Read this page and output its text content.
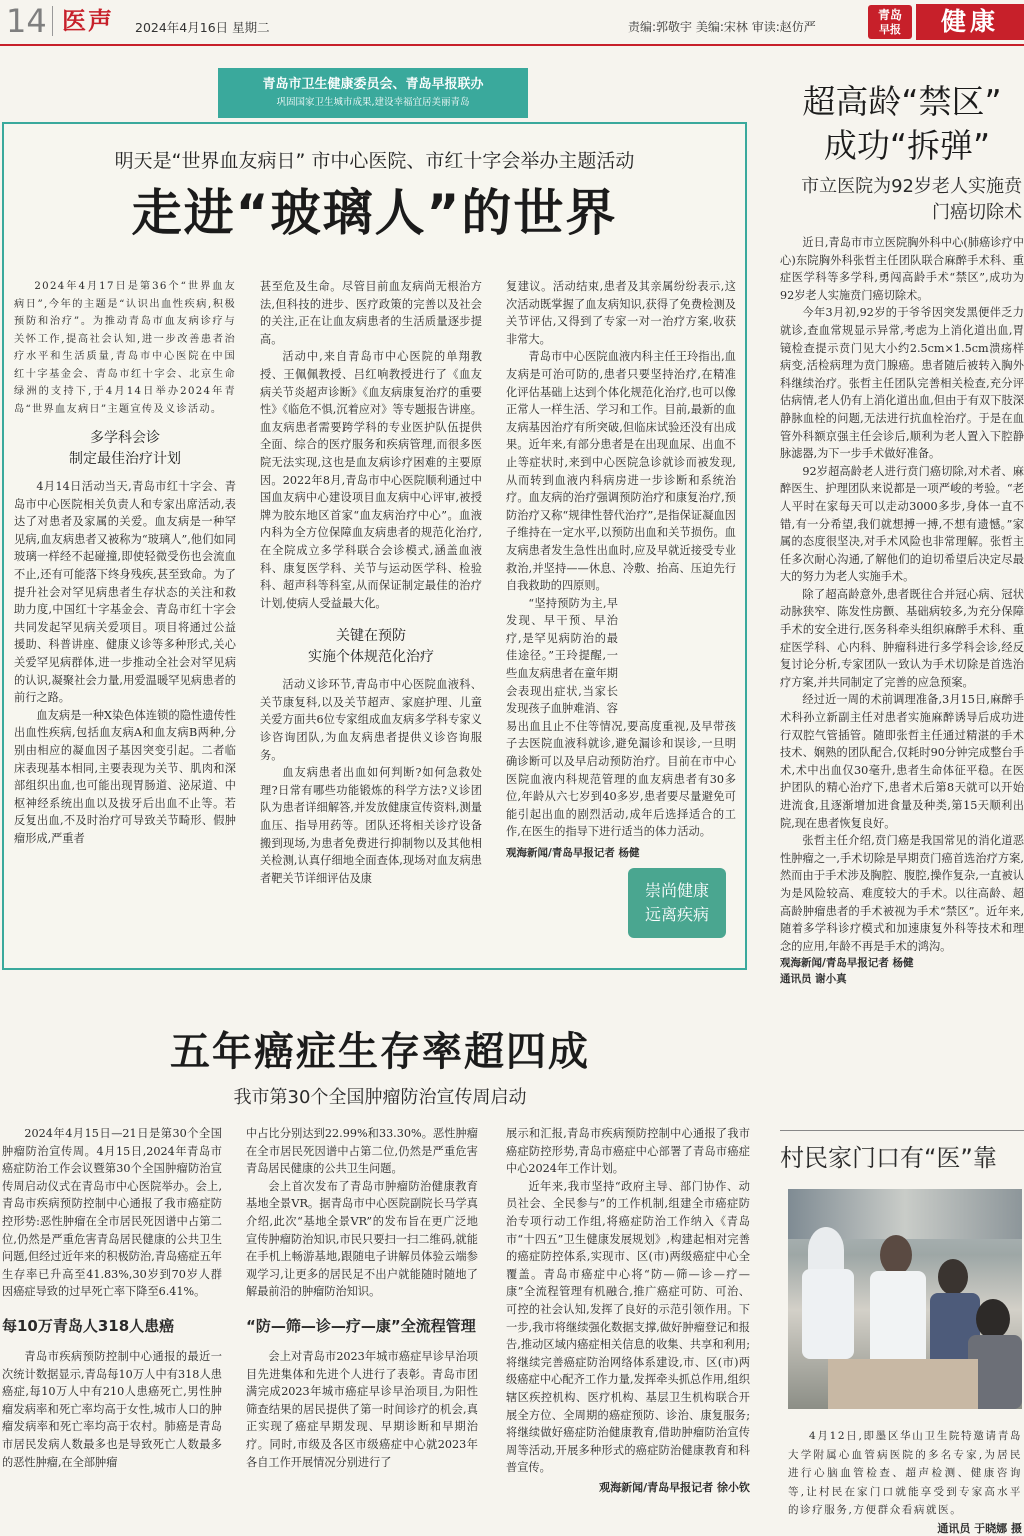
14 医声 2024年4月16日 星期二	责编:郭敬宇 美编:宋林 审读:赵仿严
青岛
早报	健康
青岛市卫生健康委员会、青岛早报联办
巩固国家卫生城市成果,建设幸福宜居美丽青岛
明天是“世界血友病日” 市中心医院、市红十字会举办主题活动
走进“玻璃人”的世界

2024年4月17日是第36个“世界血友病日”,今年的主题是“认识出血性疾病,积极预防和治疗”。为推动青岛市血友病诊疗与关怀工作,提高社会认知,进一步改善患者治疗水平和生活质量,青岛市中心医院在中国红十字基金会、青岛市红十字会、北京生命绿洲的支持下,于4月14日举办2024年青岛“世界血友病日”主题宣传及义诊活动。

多学科会诊
制定最佳治疗计划

4月14日活动当天,青岛市红十字会、青岛市中心医院相关负责人和专家出席活动,表达了对患者及家属的关爱。血友病是一种罕见病,血友病患者又被称为“玻璃人”,他们如同玻璃一样经不起碰撞,即使轻微受伤也会流血不止,还有可能落下终身残疾,甚至致命。为了提升社会对罕见病患者生存状态的关注和救助力度,中国红十字基金会、青岛市红十字会共同发起罕见病关爱项目。项目将通过公益援助、科普讲座、健康义诊等多种形式,关心关爱罕见病群体,进一步推动全社会对罕见病的认识,凝聚社会力量,用爱温暖罕见病患者的前行之路。

血友病是一种X染色体连锁的隐性遗传性出血性疾病,包括血友病A和血友病B两种,分别由相应的凝血因子基因突变引起。二者临床表现基本相同,主要表现为关节、肌肉和深部组织出血,也可能出现胃肠道、泌尿道、中枢神经系统出血以及拔牙后出血不止等。若反复出血,不及时治疗可导致关节畸形、假肿瘤形成,严重者

甚至危及生命。尽管目前血友病尚无根治方法,但科技的进步、医疗政策的完善以及社会的关注,正在让血友病患者的生活质量逐步提高。

活动中,来自青岛市中心医院的单翔教授、王佩佩教授、吕红响教授进行了《血友病关节炎超声诊断》《血友病康复治疗的重要性》《临危不惧,沉着应对》等专题报告讲座。血友病患者需要跨学科的专业医护队伍提供全面、综合的医疗服务和疾病管理,而很多医院无法实现,这也是血友病诊疗困难的主要原因。2022年8月,青岛市中心医院顺利通过中国血友病中心建设项目血友病中心评审,被授牌为胶东地区首家“血友病治疗中心”。血液内科为全方位保障血友病患者的规范化治疗,在全院成立多学科联合会诊模式,涵盖血液科、康复医学科、关节与运动医学科、检验科、超声科等科室,从而保证制定最佳的治疗计划,使病人受益最大化。

关键在预防
实施个体规范化治疗

活动义诊环节,青岛市中心医院血液科、关节康复科,以及关节超声、家庭护理、儿童关爱方面共6位专家组成血友病多学科专家义诊咨询团队,为血友病患者提供义诊咨询服务。

血友病患者出血如何判断?如何急救处理?日常有哪些功能锻炼的科学方法?义诊团队为患者详细解答,并发放健康宣传资料,测量血压、指导用药等。团队还将相关诊疗设备搬到现场,为患者免费进行抑制物以及其他相关检测,认真仔细地全面查体,现场对血友病患者靶关节详细评估及康

复建议。活动结束,患者及其亲属纷纷表示,这次活动既掌握了血友病知识,获得了免费检测及关节评估,又得到了专家一对一治疗方案,收获非常大。

青岛市中心医院血液内科主任王玲指出,血友病是可治可防的,患者只要坚持治疗,在精准化评估基础上达到个体化规范化治疗,也可以像正常人一样生活、学习和工作。目前,最新的血友病基因治疗有所突破,但临床试验还没有出成果。近年来,有部分患者是在出现血尿、出血不止等症状时,来到中心医院急诊就诊而被发现,从而转到血液内科病房进一步诊断和系统治疗。血友病的治疗强调预防治疗和康复治疗,预防治疗又称“规律性替代治疗”,是指保证凝血因子维持在一定水平,以预防出血和关节损伤。血友病患者发生急性出血时,应及早就近接受专业救治,并坚持——休息、冷敷、抬高、压迫先行自我救助的四原则。

“坚持预防为主,早发现、早干预、早治疗,是罕见病防治的最佳途径。”王玲提醒,一些血友病患者在童年期会表现出症状,当家长发现孩子血肿难消、容易出血且止不住等情况,要高度重视,及早带孩子去医院血液科就诊,避免漏诊和误诊,一旦明确诊断可以及早启动预防治疗。目前在市中心医院血液内科规范管理的血友病患者有30多位,年龄从六七岁到40多岁,患者要尽量避免可能引起出血的剧烈活动,成年后选择适合的工作,在医生的指导下进行适当的体力活动。

观海新闻/青岛早报记者 杨健
崇尚健康
远离疾病
超高龄“禁区”
成功“拆弹”
市立医院为92岁老人实施贲门癌切除术

近日,青岛市市立医院胸外科中心(肺癌诊疗中心)东院胸外科张哲主任团队联合麻醉手术科、重症医学科等多学科,勇闯高龄手术“禁区”,成功为92岁老人实施贲门癌切除术。

今年3月初,92岁的于爷爷因突发黑便伴乏力就诊,查血常规显示异常,考虑为上消化道出血,胃镜检查提示贲门见大小约2.5cm×1.5cm溃疡样病变,活检病理为贲门腺癌。患者随后被转入胸外科继续治疗。张哲主任团队完善相关检查,充分评估病情,老人仍有上消化道出血,但由于有双下肢深静脉血栓的问题,无法进行抗血栓治疗。于是在血管外科额京强主任会诊后,顺利为老人置入下腔静脉滤器,为下一步手术做好准备。

92岁超高龄老人进行贲门癌切除,对术者、麻醉医生、护理团队来说都是一项严峻的考验。“老人平时在家每天可以走动3000多步,身体一直不错,有一分希望,我们就想搏一搏,不想有遗憾。”家属的态度很坚决,对手术风险也非常理解。张哲主任多次耐心沟通,了解他们的迫切希望后决定尽最大的努力为老人实施手术。

除了超高龄意外,患者既往合并冠心病、冠状动脉狭窄、陈发性房颤、基础病较多,为充分保障手术的安全进行,医务科牵头组织麻醉手术科、重症医学科、心内科、肿瘤科进行多学科会诊,经反复讨论分析,专家团队一致认为手术切除是首选治疗方案,并共同制定了完善的应急预案。

经过近一周的术前调理准备,3月15日,麻醉手术科孙立新副主任对患者实施麻醉诱导后成功进行双腔气管插管。随即张哲主任通过精湛的手术技术、娴熟的团队配合,仅耗时90分钟完成整台手术,术中出血仅30毫升,患者生命体征平稳。在医护团队的精心治疗下,患者术后第8天就可以开始进流食,且逐渐增加进食量及种类,第15天顺利出院,现在患者恢复良好。

张哲主任介绍,贲门癌是我国常见的消化道恶性肿瘤之一,手术切除是早期贲门癌首选治疗方案,然而由于手术涉及胸腔、腹腔,操作复杂,一直被认为是风险较高、难度较大的手术。以往高龄、超高龄肿瘤患者的手术被视为手术“禁区”。近年来,随着多学科诊疗模式和加速康复外科等技术和理念的应用,年龄不再是手术的鸿沟。

观海新闻/青岛早报记者 杨健
通讯员 谢小真
五年癌症生存率超四成
我市第30个全国肿瘤防治宣传周启动

2024年4月15日—21日是第30个全国肿瘤防治宣传周。4月15日,2024年青岛市癌症防治工作会议暨第30个全国肿瘤防治宣传周启动仪式在青岛市中心医院举办。会上,青岛市疾病预防控制中心通报了我市癌症防控形势:恶性肿瘤在全市居民死因谱中占第二位,仍然是严重危害青岛居民健康的公共卫生问题,但经过近年来的积极防治,青岛癌症五年生存率已升高至41.83%,30岁到70岁人群因癌症导致的过早死亡率下降至6.41%。

每10万青岛人318人患癌

青岛市疾病预防控制中心通报的最近一次统计数据显示,青岛每10万人中有318人患癌症,每10万人中有210人患癌死亡,男性肿瘤发病率和死亡率均高于女性,城市人口的肿瘤发病率和死亡率均高于农村。肺癌是青岛市居民发病人数最多也是导致死亡人数最多的恶性肿瘤,在全部肿瘤

中占比分别达到22.99%和33.30%。恶性肿瘤在全市居民死因谱中占第二位,仍然是严重危害青岛居民健康的公共卫生问题。

会上首次发布了青岛市肿瘤防治健康教育基地全景VR。据青岛市中心医院副院长马学真介绍,此次“基地全景VR”的发布旨在更广泛地宣传肿瘤防治知识,市民只要扫一扫二维码,就能在手机上畅游基地,跟随电子讲解员体验云端参观学习,让更多的居民足不出户就能随时随地了解最前沿的肿瘤防治知识。

“防—筛—诊—疗—康”全流程管理

会上对青岛市2023年城市癌症早诊早治项目先进集体和先进个人进行了表彰。青岛市团满完成2023年城市癌症早诊早治项目,为阳性筛查结果的居民提供了第一时间诊疗的机会,真正实现了癌症早期发现、早期诊断和早期治疗。同时,市级及各区市级癌症中心就2023年各自工作开展情况分别进行了

展示和汇报,青岛市疾病预防控制中心通报了我市癌症防控形势,青岛市癌症中心部署了青岛市癌症中心2024年工作计划。

近年来,我市坚持“政府主导、部门协作、动员社会、全民参与”的工作机制,组建全市癌症防治专项行动工作组,将癌症防治工作纳入《青岛市“十四五”卫生健康发展规划》,构建起相对完善的癌症防控体系,实现市、区(市)两级癌症中心全覆盖。青岛市癌症中心将“防—筛—诊—疗—康”全流程管理有机融合,推广癌症可防、可治、可控的社会认知,发挥了良好的示范引领作用。下一步,我市将继续强化数据支撑,做好肿瘤登记和报告,推动区域内癌症相关信息的收集、共享和利用;将继续完善癌症防治网络体系建设,市、区(市)两级癌症中心配齐工作力量,发挥牵头抓总作用,组织辖区疾控机构、医疗机构、基层卫生机构联合开展全方位、全周期的癌症预防、诊治、康复服务;将继续做好癌症防治健康教育,借助肿瘤防治宣传周等活动,开展多种形式的癌症防治健康教育和科普宣传。

观海新闻/青岛早报记者 徐小钦
村民家门口有“医”靠

4月12日,即墨区华山卫生院特邀请青岛大学附属心血管病医院的多名专家,为居民进行心脑血管检查、超声检测、健康咨询等,让村民在家门口就能享受到专家高水平的诊疗服务,方便群众看病就医。

通讯员 于晓娜 摄
